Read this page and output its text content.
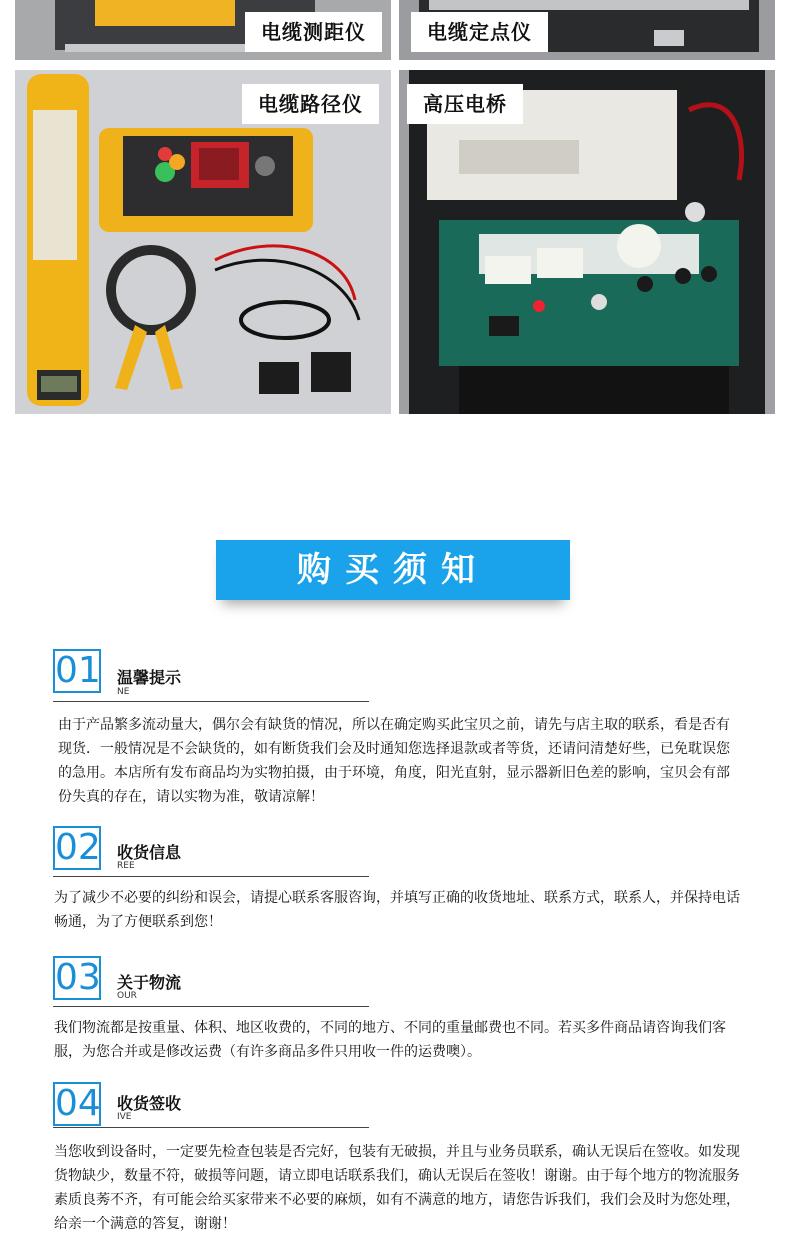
电缆测距仪	电缆定点仪
电缆路径仪	高压电桥
购买须知
01 温馨提示
NE
由于产品繁多流动量大，偶尔会有缺货的情况，所以在确定购买此宝贝之前，请先与店主取的联系，看是否有现货．一般情况是不会缺货的，如有断货我们会及时通知您选择退款或者等货，还请问清楚好些，已免耽误您的急用。本店所有发布商品均为实物拍摄，由于环境，角度，阳光直射，显示器新旧色差的影响，宝贝会有部份失真的存在，请以实物为准，敬请凉解！
02 收货信息
REE
为了减少不必要的纠纷和误会，请提心联系客服咨询，并填写正确的收货地址、联系方式，联系人，并保持电话畅通，为了方便联系到您！
03 关于物流
OUR
我们物流都是按重量、体积、地区收费的，不同的地方、不同的重量邮费也不同。若买多件商品请咨询我们客服，为您合并或是修改运费（有许多商品多件只用收一件的运费噢）。
04 收货签收
IVE
当您收到设备时，一定要先检查包装是否完好，包装有无破损，并且与业务员联系，确认无误后在签收。如发现货物缺少，数量不符，破损等问题，请立即电话联系我们，确认无误后在签收！谢谢。由于每个地方的物流服务素质良莠不齐，有可能会给买家带来不必要的麻烦，如有不满意的地方，请您告诉我们，我们会及时为您处理，给亲一个满意的答复，谢谢！
